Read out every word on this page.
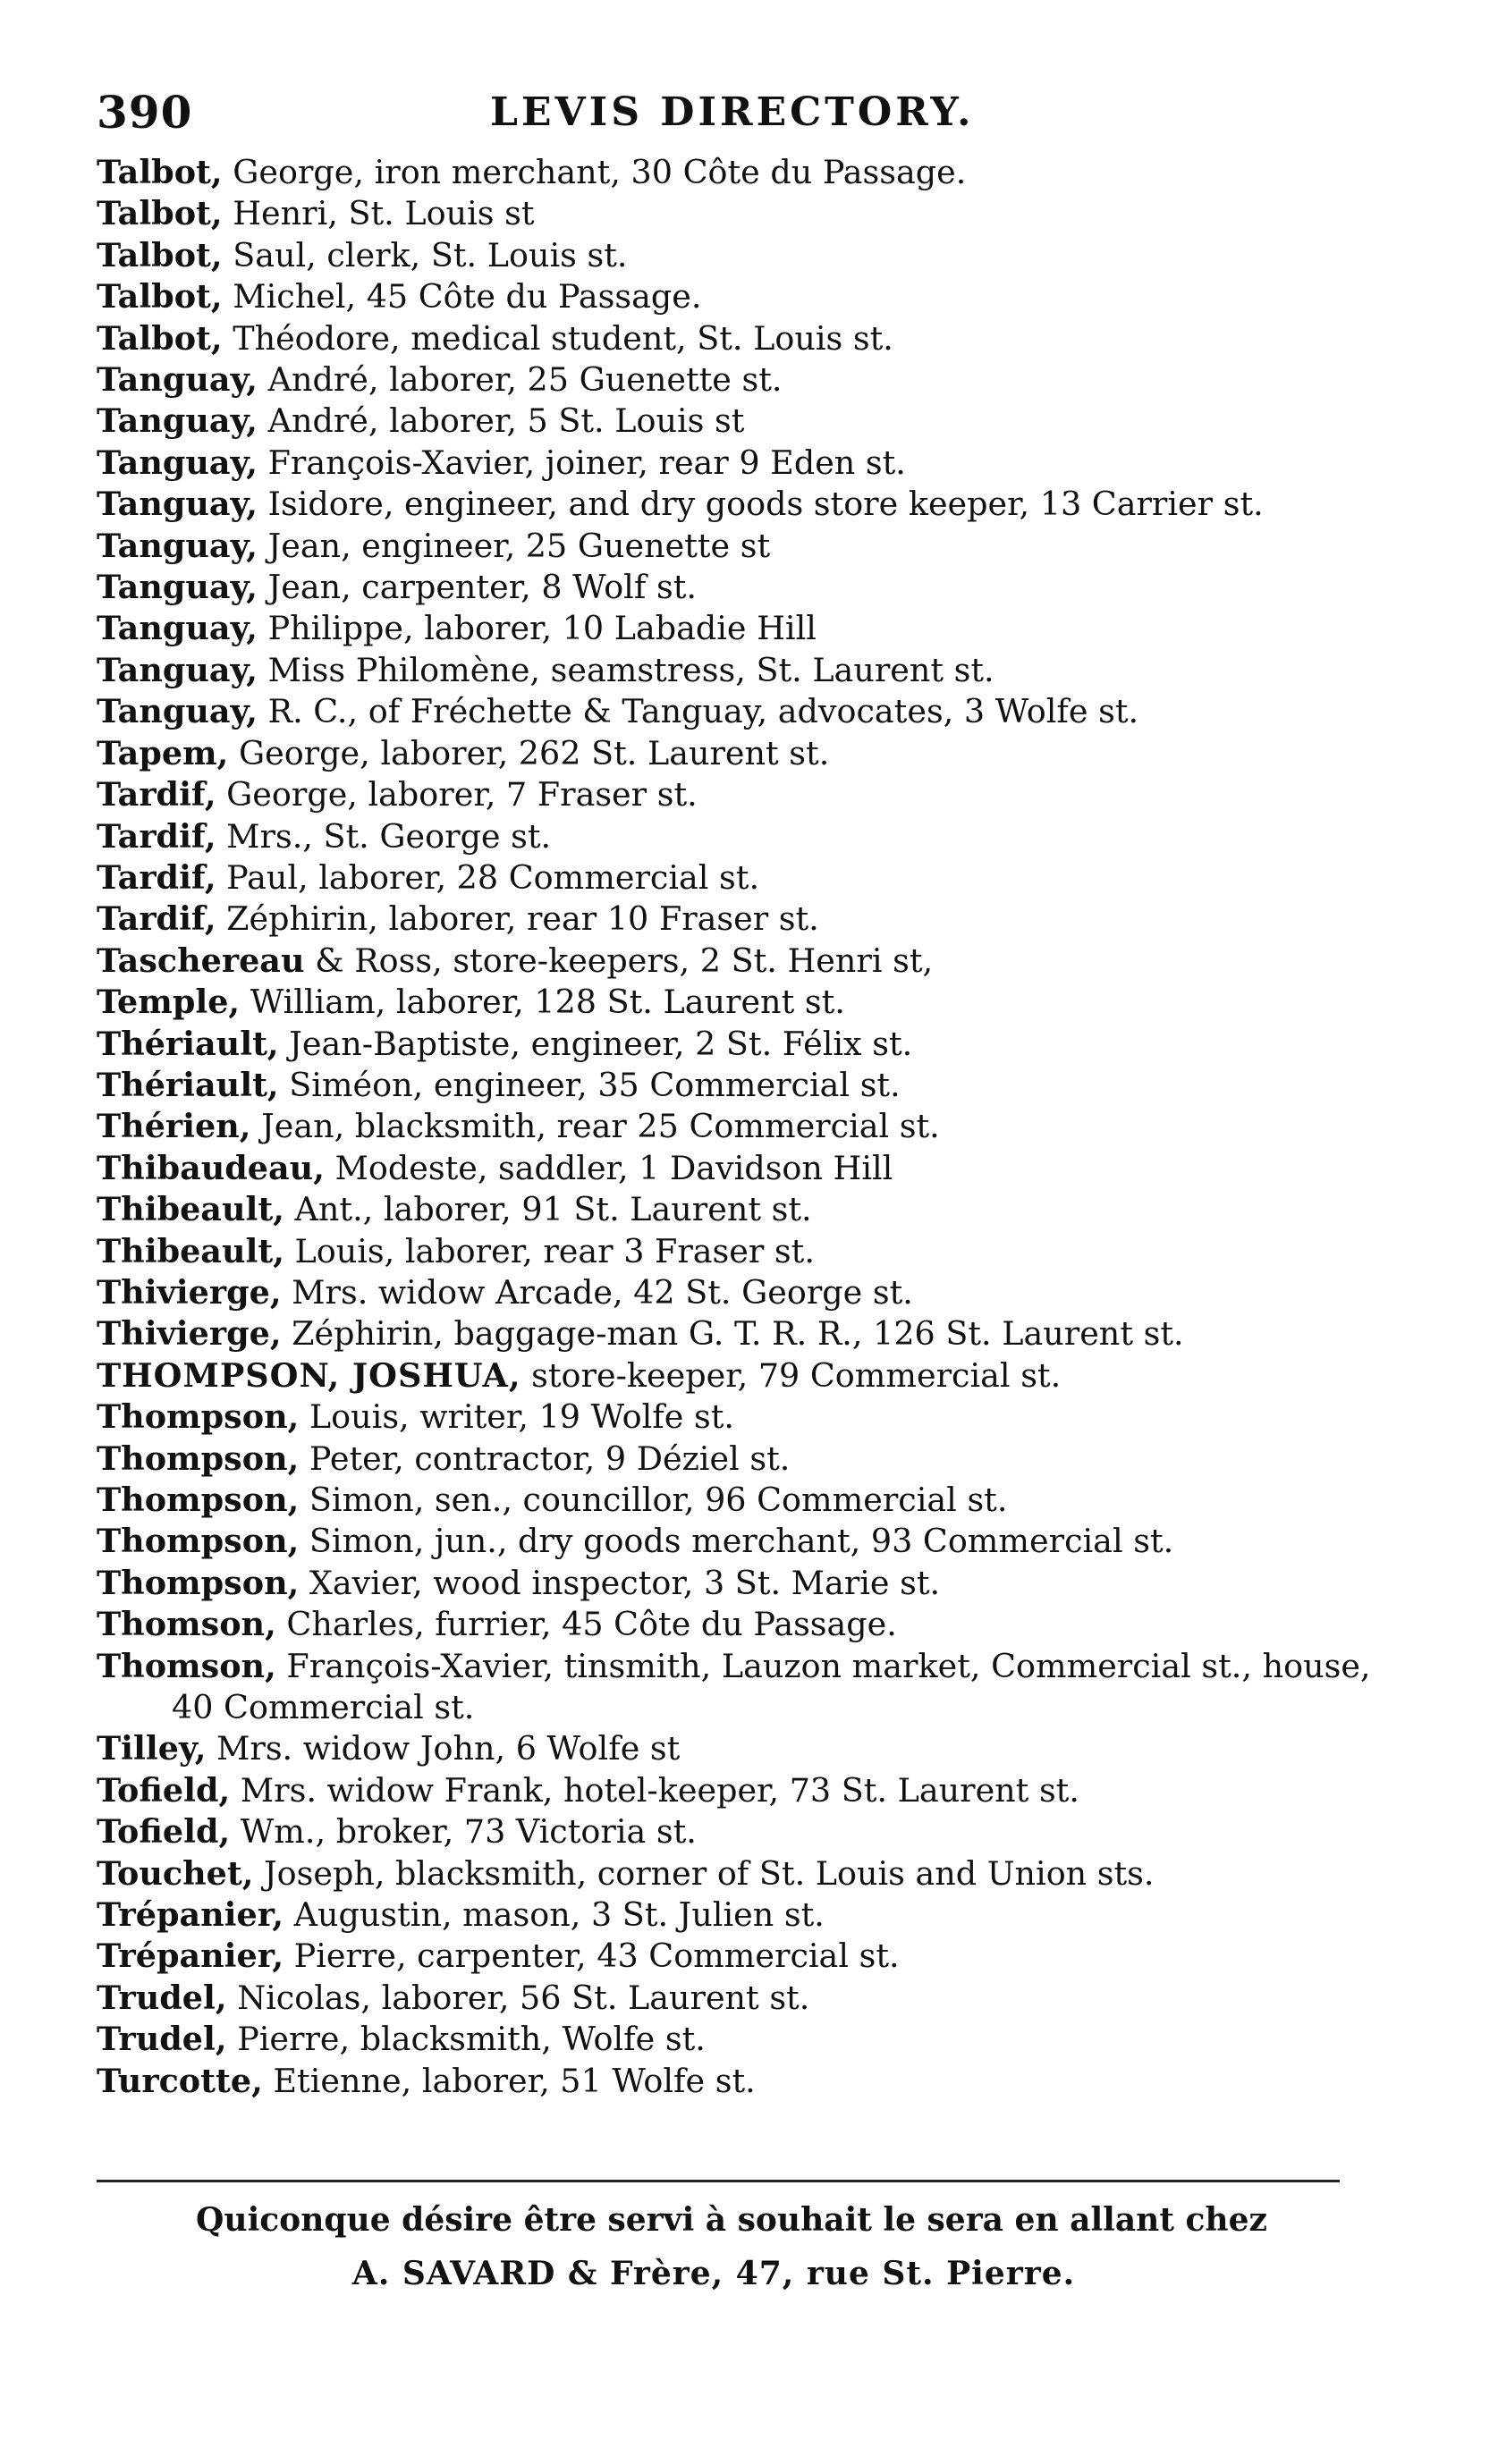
390	LEVIS DIRECTORY.
Talbot, George, iron merchant, 30 Côte du Passage.
Talbot, Henri, St. Louis st
Talbot, Saul, clerk, St. Louis st.
Talbot, Michel, 45 Côte du Passage.
Talbot, Théodore, medical student, St. Louis st.
Tanguay, André, laborer, 25 Guenette st.
Tanguay, André, laborer, 5 St. Louis st
Tanguay, François-Xavier, joiner, rear 9 Eden st.
Tanguay, Isidore, engineer, and dry goods store keeper, 13 Carrier st.
Tanguay, Jean, engineer, 25 Guenette st
Tanguay, Jean, carpenter, 8 Wolf st.
Tanguay, Philippe, laborer, 10 Labadie Hill
Tanguay, Miss Philomène, seamstress, St. Laurent st.
Tanguay, R. C., of Fréchette & Tanguay, advocates, 3 Wolfe st.
Tapem, George, laborer, 262 St. Laurent st.
Tardif, George, laborer, 7 Fraser st.
Tardif, Mrs., St. George st.
Tardif, Paul, laborer, 28 Commercial st.
Tardif, Zéphirin, laborer, rear 10 Fraser st.
Taschereau & Ross, store-keepers, 2 St. Henri st,
Temple, William, laborer, 128 St. Laurent st.
Thériault, Jean-Baptiste, engineer, 2 St. Félix st.
Thériault, Siméon, engineer, 35 Commercial st.
Thérien, Jean, blacksmith, rear 25 Commercial st.
Thibaudeau, Modeste, saddler, 1 Davidson Hill
Thibeault, Ant., laborer, 91 St. Laurent st.
Thibeault, Louis, laborer, rear 3 Fraser st.
Thivierge, Mrs. widow Arcade, 42 St. George st.
Thivierge, Zéphirin, baggage-man G. T. R. R., 126 St. Laurent st.
THOMPSON, JOSHUA, store-keeper, 79 Commercial st.
Thompson, Louis, writer, 19 Wolfe st.
Thompson, Peter, contractor, 9 Déziel st.
Thompson, Simon, sen., councillor, 96 Commercial st.
Thompson, Simon, jun., dry goods merchant, 93 Commercial st.
Thompson, Xavier, wood inspector, 3 St. Marie st.
Thomson, Charles, furrier, 45 Côte du Passage.
Thomson, François-Xavier, tinsmith, Lauzon market, Commercial st., house, 40 Commercial st.
Tilley, Mrs. widow John, 6 Wolfe st
Tofield, Mrs. widow Frank, hotel-keeper, 73 St. Laurent st.
Tofield, Wm., broker, 73 Victoria st.
Touchet, Joseph, blacksmith, corner of St. Louis and Union sts.
Trépanier, Augustin, mason, 3 St. Julien st.
Trépanier, Pierre, carpenter, 43 Commercial st.
Trudel, Nicolas, laborer, 56 St. Laurent st.
Trudel, Pierre, blacksmith, Wolfe st.
Turcotte, Etienne, laborer, 51 Wolfe st.
Quiconque désire être servi à souhait le sera en allant chez
A. SAVARD & Frère, 47, rue St. Pierre.
